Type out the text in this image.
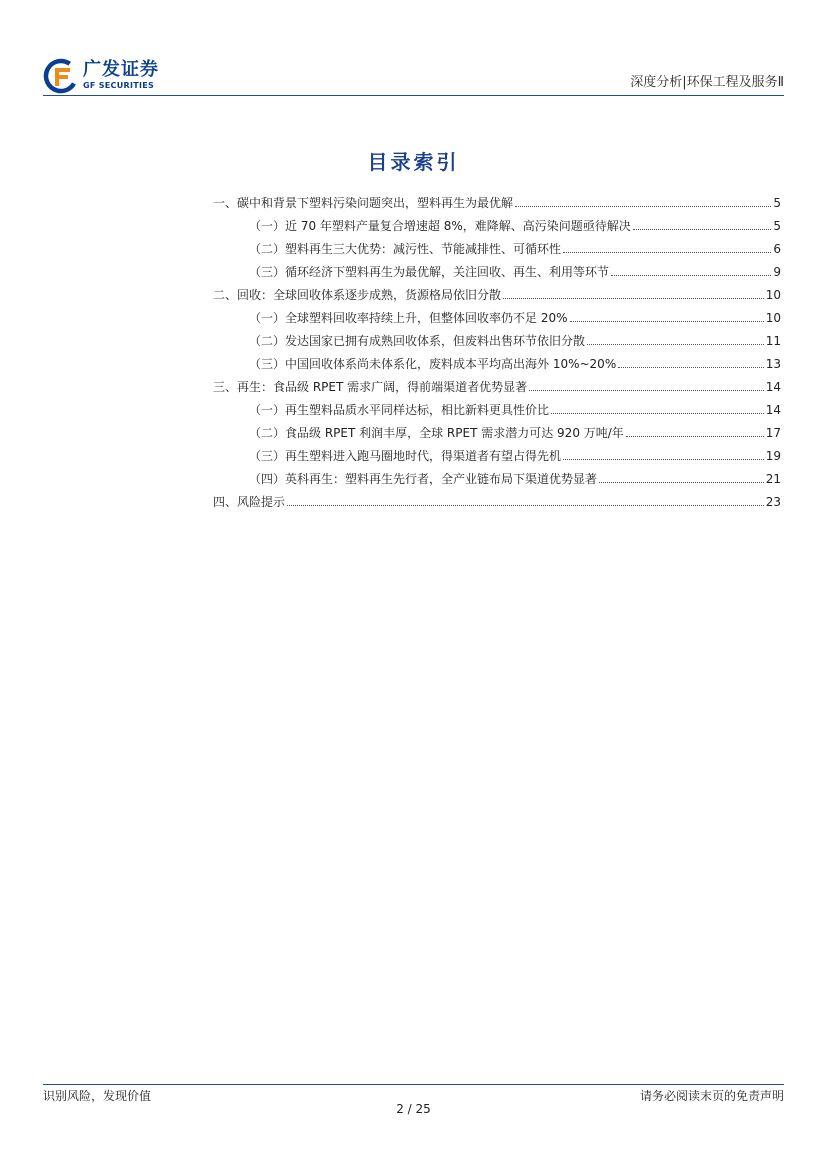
广发证券
GF SECURITIES	深度分析|环保工程及服务Ⅱ
目录索引
一、碳中和背景下塑料污染问题突出，塑料再生为最优解	5
（一）近 70 年塑料产量复合增速超 8%，难降解、高污染问题亟待解决	5
（二）塑料再生三大优势：减污性、节能减排性、可循环性	6
（三）循环经济下塑料再生为最优解，关注回收、再生、利用等环节	9
二、回收：全球回收体系逐步成熟，货源格局依旧分散	10
（一）全球塑料回收率持续上升，但整体回收率仍不足 20%	10
（二）发达国家已拥有成熟回收体系，但废料出售环节依旧分散	11
（三）中国回收体系尚未体系化，废料成本平均高出海外 10%~20%	13
三、再生：食品级 RPET 需求广阔，得前端渠道者优势显著	14
（一）再生塑料品质水平同样达标，相比新料更具性价比	14
（二）食品级 RPET 利润丰厚，全球 RPET 需求潜力可达 920 万吨/年	17
（三）再生塑料进入跑马圈地时代，得渠道者有望占得先机	19
（四）英科再生：塑料再生先行者，全产业链布局下渠道优势显著	21
四、风险提示	23
识别风险，发现价值	请务必阅读末页的免责声明
2 / 25
